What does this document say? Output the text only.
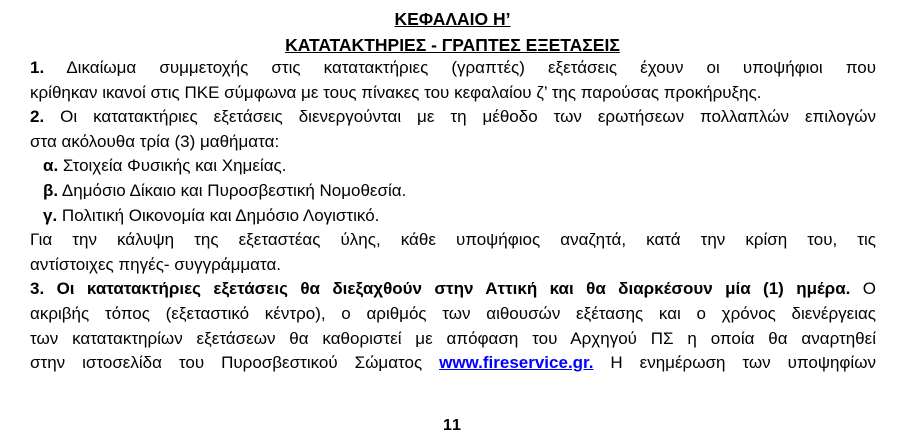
ΚΕΦΑΛΑΙΟ Η’
ΚΑΤΑΤΑΚΤΗΡΙΕΣ - ΓΡΑΠΤΕΣ ΕΞΕΤΑΣΕΙΣ
1. Δικαίωμα συμμετοχής στις κατατακτήριες (γραπτές) εξετάσεις έχουν οι υποψήφιοι που
κρίθηκαν ικανοί στις ΠΚΕ σύμφωνα με τους πίνακες του κεφαλαίου ζ’ της παρούσας προκήρυξης.
2. Οι κατατακτήριες εξετάσεις διενεργούνται με τη μέθοδο των ερωτήσεων πολλαπλών επιλογών
στα ακόλουθα τρία (3) μαθήματα:
α. Στοιχεία Φυσικής και Χημείας.
β. Δημόσιο Δίκαιο και Πυροσβεστική Νομοθεσία.
γ. Πολιτική Οικονομία και Δημόσιο Λογιστικό.
Για την κάλυψη της εξεταστέας ύλης, κάθε υποψήφιος αναζητά, κατά την κρίση του, τις
αντίστοιχες πηγές- συγγράμματα.
3. Οι κατατακτήριες εξετάσεις θα διεξαχθούν στην Αττική και θα διαρκέσουν μία (1) ημέρα. Ο
ακριβής τόπος (εξεταστικό κέντρο), ο αριθμός των αιθουσών εξέτασης και ο χρόνος διενέργειας
των κατατακτηρίων εξετάσεων θα καθοριστεί με απόφαση του Αρχηγού ΠΣ η οποία θα αναρτηθεί
στην ιστοσελίδα του Πυροσβεστικού Σώματος www.fireservice.gr. Η ενημέρωση των υποψηφίων
11
